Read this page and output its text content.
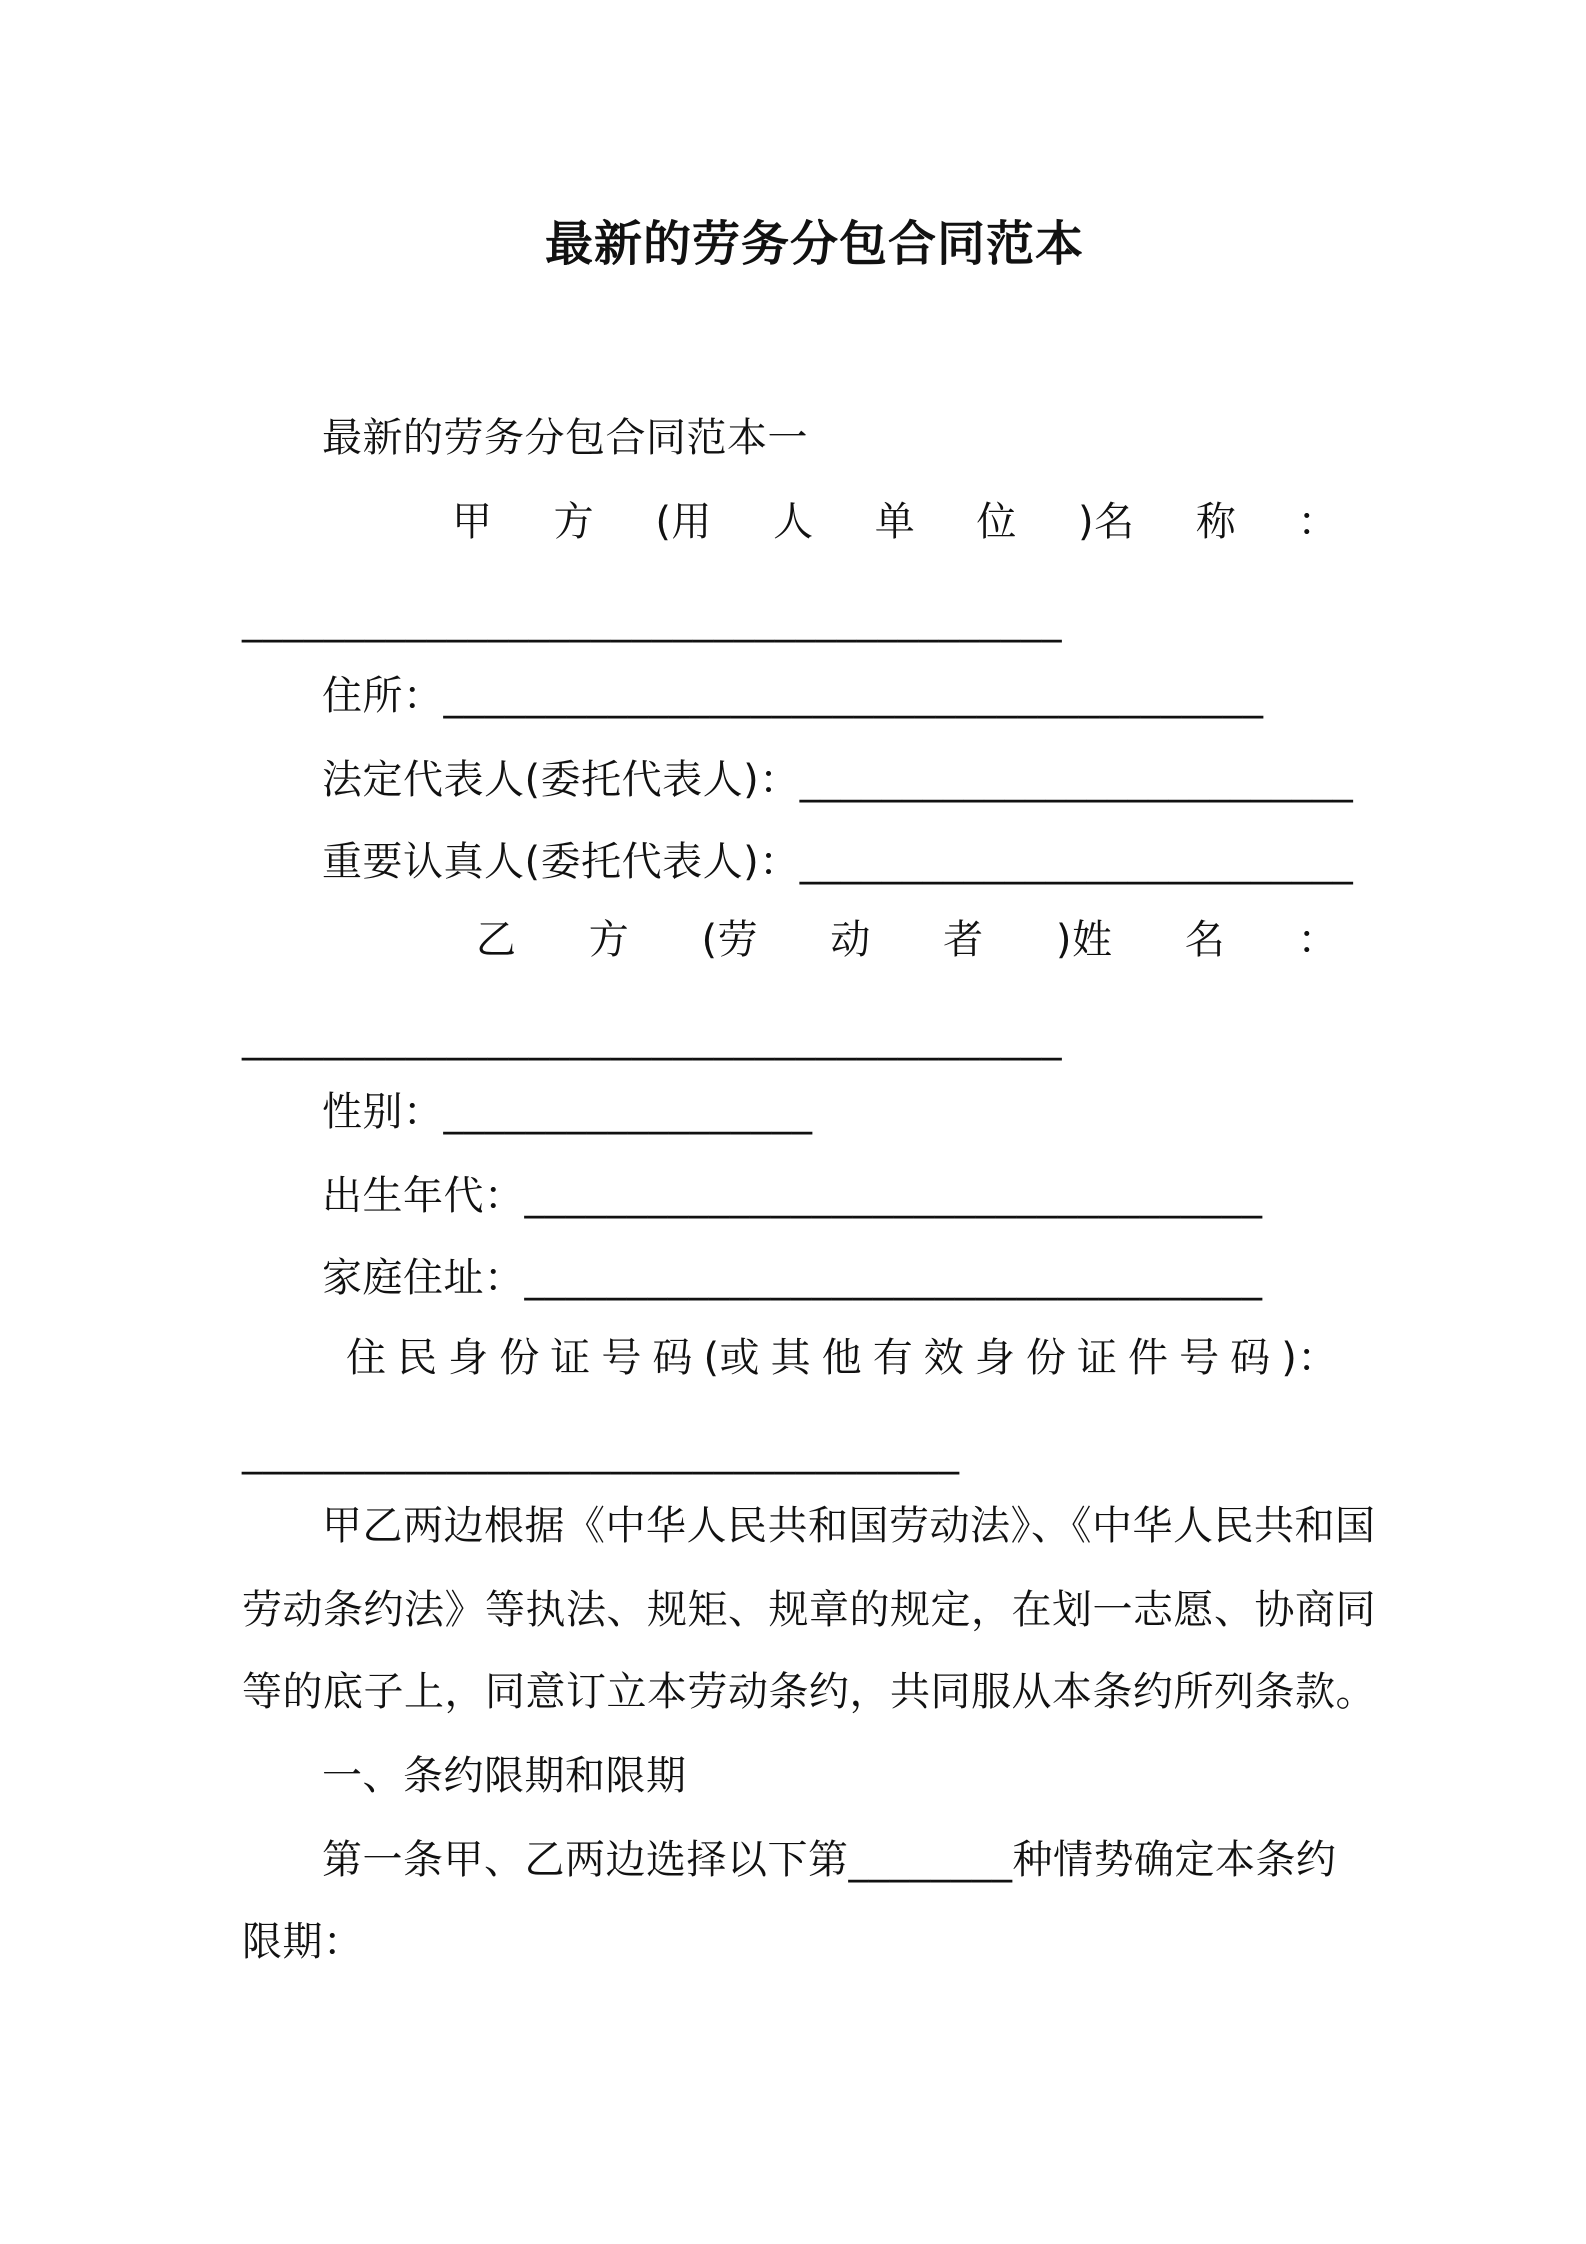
最新的劳务分包合同范本
最新的劳务分包合同范本一
甲 方 (用 人 单 位 )名 称 ：
________________________________________
住所：________________________________________
法定代表人(委托代表人)：___________________________
重要认真人(委托代表人)：___________________________
乙 方 (劳 动 者 )姓 名 ：
________________________________________
性别：__________________
出生年代：____________________________________
家庭住址：____________________________________
住 民 身 份 证 号 码 (或 其 他 有 效 身 份 证 件 号 码 )：
___________________________________
甲乙两边根据《中华人民共和国劳动法》、《中华人民共和国
劳动条约法》等执法、规矩、规章的规定，在划一志愿、协商同
等的底子上，同意订立本劳动条约，共同服从本条约所列条款。
一、条约限期和限期
第一条甲、乙两边选择以下第________种情势确定本条约
限期：
